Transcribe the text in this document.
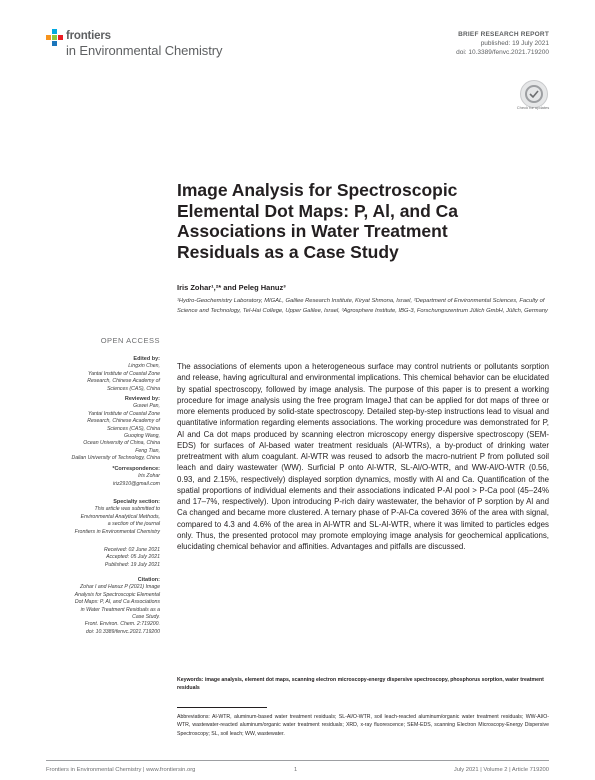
frontiers
in Environmental Chemistry
BRIEF RESEARCH REPORT
published: 19 July 2021
doi: 10.3389/fenvc.2021.719200
Check for updates
Image Analysis for Spectroscopic Elemental Dot Maps: P, Al, and Ca Associations in Water Treatment Residuals as a Case Study
Iris Zohar¹,²* and Peleg Hanuz³
¹Hydro-Geochemistry Laboratory, MIGAL, Galilee Research Institute, Kiryat Shmona, Israel, ²Department of Environmental Sciences, Faculty of Science and Technology, Tel-Hai College, Upper Galilee, Israel, ³Agrosphere Institute, IBG-3, Forschungszentrum Jülich GmbH, Jülich, Germany
OPEN ACCESS
Edited by:
Lingxin Chen,
Yantai Institute of Coastal Zone
Research, Chinese Academy of
Sciences (CAS), China
Reviewed by:
Guwei Pan,
Yantai Institute of Coastal Zone
Research, Chinese Academy of
Sciences (CAS), China
Guoqing Wang,
Ocean University of China, China
Feng Tian,
Dalian University of Technology, China
*Correspondence:
Iris Zohar
iriz2910@gmail.com
Specialty section:
This article was submitted to
Environmental Analytical Methods,
a section of the journal
Frontiers in Environmental Chemistry
Received: 02 June 2021
Accepted: 05 July 2021
Published: 19 July 2021
Citation:
Zohar I and Hanuz P (2021) Image
Analysis for Spectroscopic Elemental
Dot Maps: P, Al, and Ca Associations
in Water Treatment Residuals as a
Case Study.
Front. Environ. Chem. 2:719200.
doi: 10.3389/fenvc.2021.719200
The associations of elements upon a heterogeneous surface may control nutrients or pollutants sorption and release, having agricultural and environmental implications. This chemical behavior can be elucidated by spatial spectroscopy, followed by image analysis. The purpose of this paper is to present a working procedure for image analysis using the free program ImageJ that can be applied for dot maps of three or more elements produced by solid-state spectroscopy. Detailed step-by-step instructions lead to visual and quantitative information regarding elements associations. The working procedure was demonstrated for P, Al and Ca dot maps produced by scanning electron microscopy energy dispersive spectroscopy (SEM-EDS) for surfaces of Al-based water treatment residuals (Al-WTRs), a by-product of drinking water pretreatment with alum coagulant. Al-WTR was reused to adsorb the macro-nutrient P from polluted soil leach and dairy wastewater (WW). Surficial P onto Al-WTR, SL-Al/O-WTR, and WW-Al/O-WTR (0.56, 0.93, and 2.15%, respectively) displayed sorption dynamics, mostly with Al and Ca. Quantification of the spatial proportions of individual elements and their associations indicated P-Al pool > P-Ca pool (45–24% and 17–7%, respectively). Upon introducing P-rich dairy wastewater, the behavior of P sorption by Al and Ca changed and became more clustered. A ternary phase of P-Al-Ca covered 36% of the area with signal, compared to 4.3 and 4.6% of the area in Al-WTR and SL-Al-WTR, where it was limited to particles edges only. Thus, the presented protocol may promote employing image analysis for geochemical applications, elucidating chemical behavior and affinities. Advantages and pitfalls are discussed.
Keywords: image analysis, element dot maps, scanning electron microscopy-energy dispersive spectroscopy, phosphorus sorption, water treatment residuals
Abbreviations: Al-WTR, aluminum-based water treatment residuals; SL-Al/O-WTR, soil leach-reacted aluminum/organic water treatment residuals; WW-Al/O-WTR, wastewater-reacted aluminum/organic water treatment residuals; XRD, x-ray fluorescence; SEM-EDS, scanning Electron Microscopy-Energy Dispersive Spectroscopy; SL, soil leach; WW, wastewater.
Frontiers in Environmental Chemistry | www.frontiersin.org	1	July 2021 | Volume 2 | Article 719200
